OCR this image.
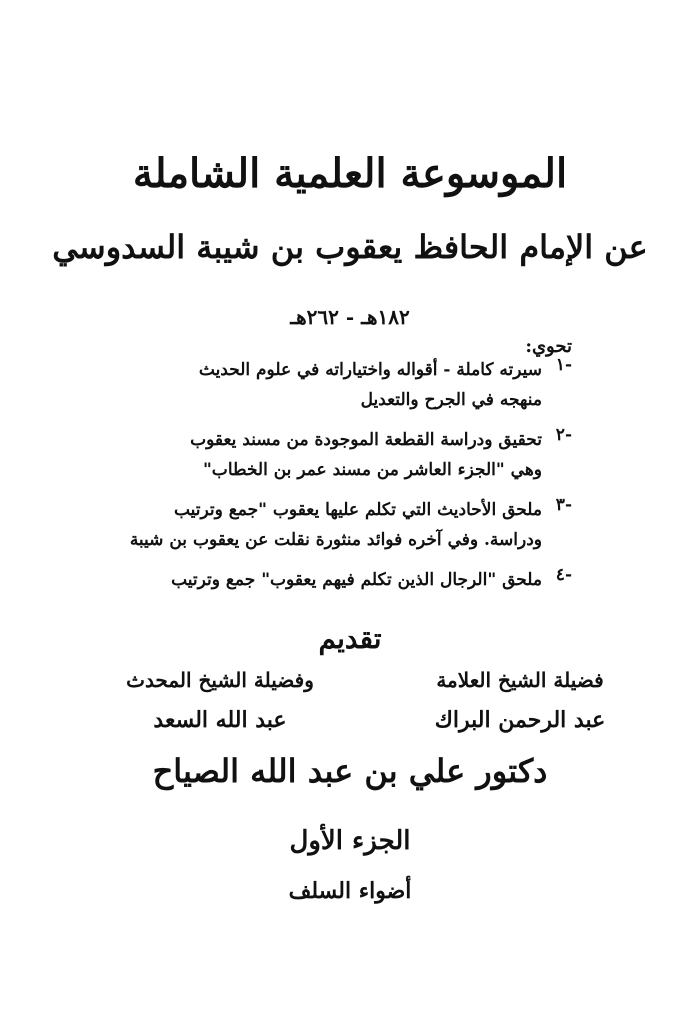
الموسوعة العلمية الشاملة
عن الإمام الحافظ يعقوب بن شيبة السدوسي
١٨٢هـ - ٢٦٢هـ
تحوي:
١-
سيرته كاملة - أقواله واختياراته في علوم الحديث
منهجه في الجرح والتعديل
٢-
تحقيق ودراسة القطعة الموجودة من مسند يعقوب
وهي "الجزء العاشر من مسند عمر بن الخطاب"
٣-
ملحق الأحاديث التي تكلم عليها يعقوب "جمع وترتيب
ودراسة. وفي آخره فوائد منثورة نقلت عن يعقوب بن شيبة
٤-
ملحق "الرجال الذين تكلم فيهم يعقوب" جمع وترتيب
تقديم
فضيلة الشيخ العلامة
عبد الرحمن البراك
وفضيلة الشيخ المحدث
عبد الله السعد
دكتور علي بن عبد الله الصياح
الجزء الأول
أضواء السلف
